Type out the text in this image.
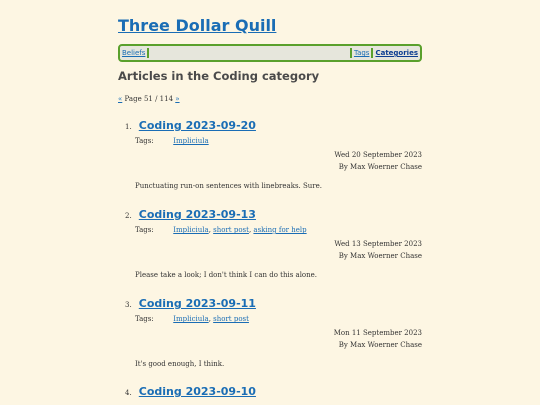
Three Dollar Quill
Beliefs	Tags Categories
Articles in the Coding category
« Page 51 / 114 »
1. Coding 2023-09-20
Tags:	Impliciula
Wed 20 September 2023
By Max Woerner Chase
Punctuating run-on sentences with linebreaks. Sure.
2. Coding 2023-09-13
Tags:	Impliciula, short post, asking for help
Wed 13 September 2023
By Max Woerner Chase
Please take a look; I don't think I can do this alone.
3. Coding 2023-09-11
Tags:	Impliciula, short post
Mon 11 September 2023
By Max Woerner Chase
It's good enough, I think.
4. Coding 2023-09-10
